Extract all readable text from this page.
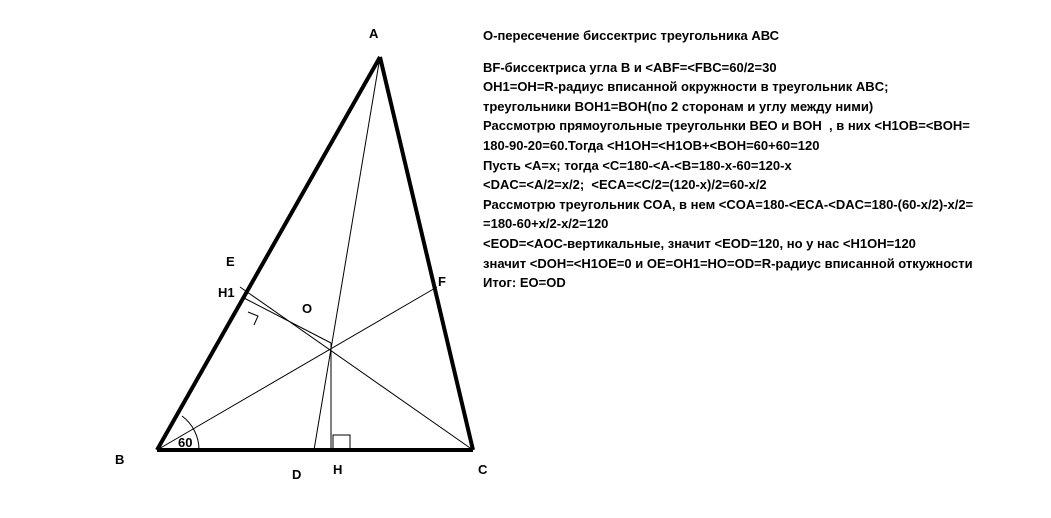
A
B
C
D H
E
H1
O
F
60
О-пересечение биссектрис треугольника АВС
BF-биссектриса угла B и <ABF=<FBC=60/2=30
OH1=OH=R-радиус вписанной окружности в треугольник ABC;
треугольники BOH1=BOH(по 2 сторонам и углу между ними)
Рассмотрю прямоугольные треугольнки BEO и BOH  , в них <H1OB=<BOH=
180-90-20=60.Тогда <H1OH=<H1OB+<BOH=60+60=120
Пусть <A=x; тогда <C=180-<A-<B=180-x-60=120-x
<DAC=<A/2=x/2;  <ECA=<C/2=(120-x)/2=60-x/2
Рассмотрю треугольник COA, в нем <COA=180-<ECA-<DAC=180-(60-x/2)-x/2=
=180-60+x/2-x/2=120
<EOD=<AOC-вертикальные, значит <EOD=120, но у нас <H1OH=120
значит <DOH=<H1OE=0 и OE=OH1=HO=OD=R-радиус вписанной откужности
Итог: EO=OD
